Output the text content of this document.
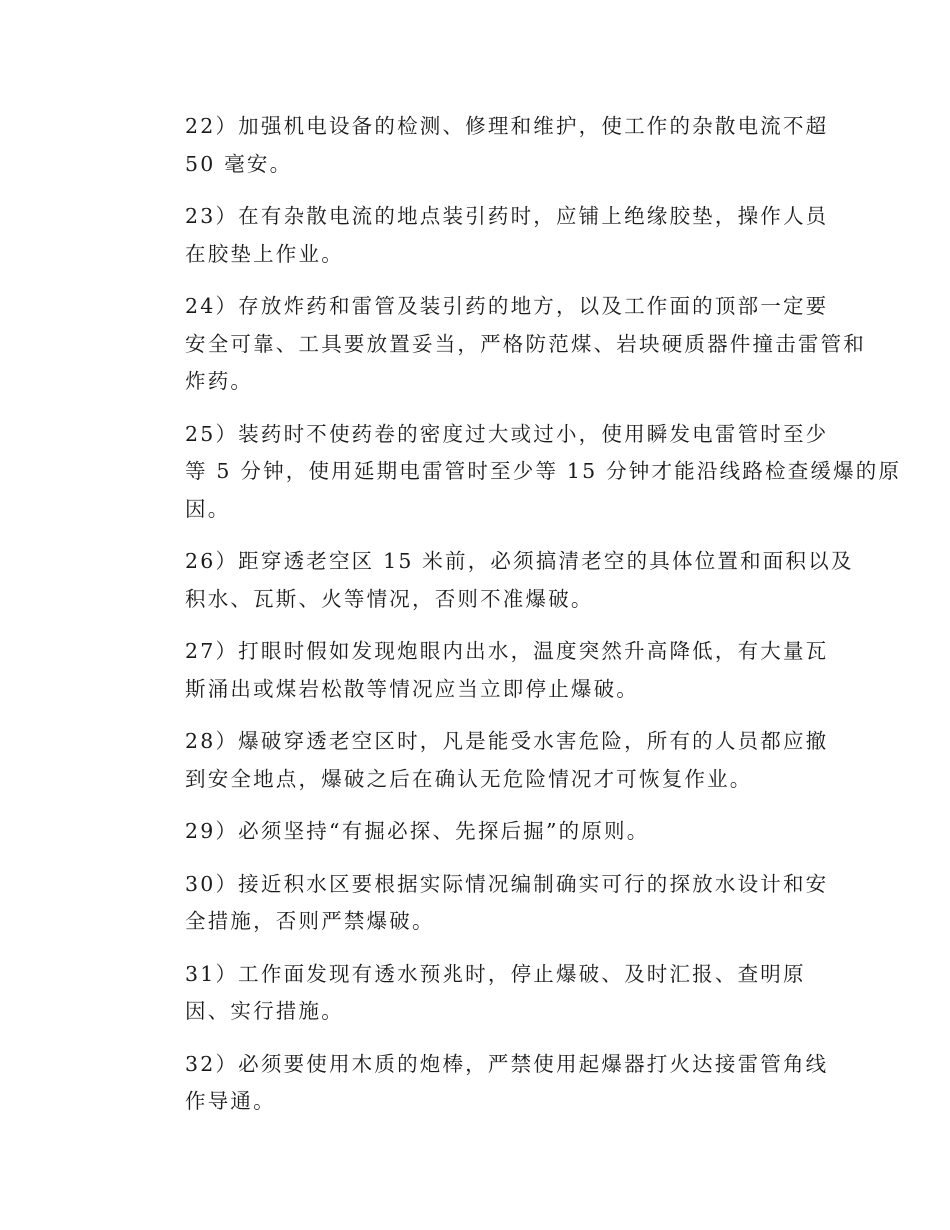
22）加强机电设备的检测、修理和维护，使工作的杂散电流不超
50 毫安。

23）在有杂散电流的地点装引药时，应铺上绝缘胶垫，操作人员
在胶垫上作业。

24）存放炸药和雷管及装引药的地方，以及工作面的顶部一定要
安全可靠、工具要放置妥当，严格防范煤、岩块硬质器件撞击雷管和
炸药。

25）装药时不使药卷的密度过大或过小，使用瞬发电雷管时至少
等 5 分钟，使用延期电雷管时至少等 15 分钟才能沿线路检查缓爆的原
因。

26）距穿透老空区 15 米前，必须搞清老空的具体位置和面积以及
积水、瓦斯、火等情况，否则不准爆破。

27）打眼时假如发现炮眼内出水，温度突然升高降低，有大量瓦
斯涌出或煤岩松散等情况应当立即停止爆破。

28）爆破穿透老空区时，凡是能受水害危险，所有的人员都应撤
到安全地点，爆破之后在确认无危险情况才可恢复作业。

29）必须坚持“有掘必探、先探后掘”的原则。

30）接近积水区要根据实际情况编制确实可行的探放水设计和安
全措施，否则严禁爆破。

31）工作面发现有透水预兆时，停止爆破、及时汇报、查明原
因、实行措施。

32）必须要使用木质的炮棒，严禁使用起爆器打火达接雷管角线
作导通。
